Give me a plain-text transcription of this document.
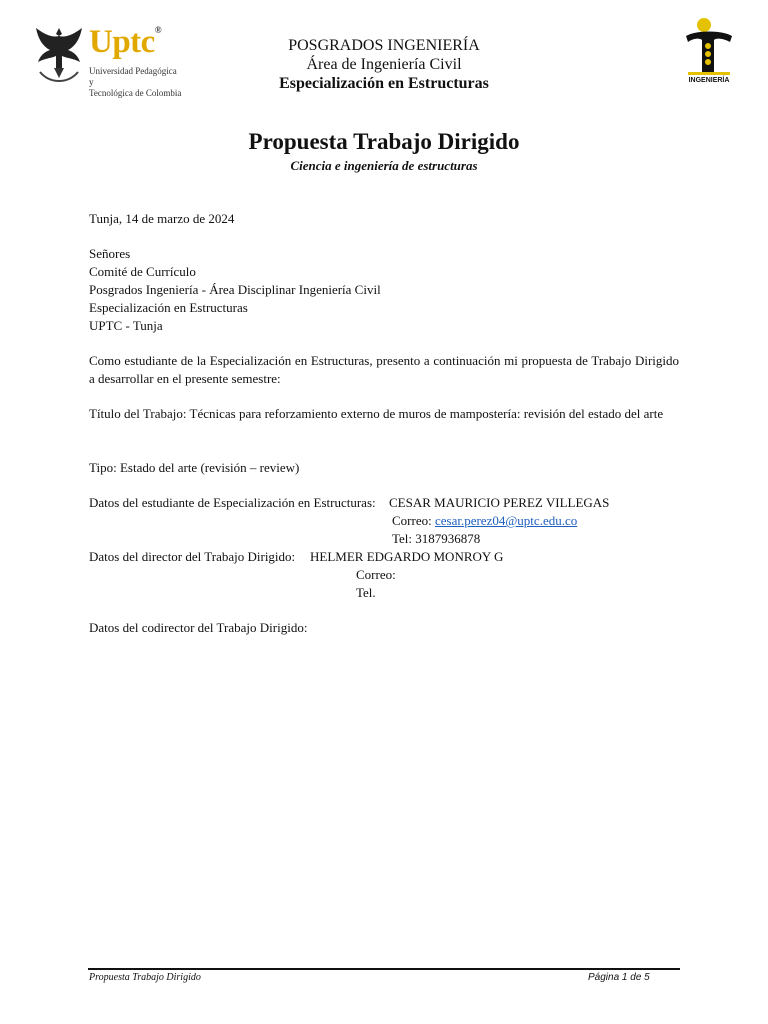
Uptc®
Universidad Pedagógica y
Tecnológica de Colombia
POSGRADOS INGENIERÍA
Área de Ingeniería Civil
Especialización en Estructuras	INGENIERÍA
Propuesta Trabajo Dirigido
Ciencia e ingeniería de estructuras
Tunja, 14 de marzo de 2024
Señores
Comité de Currículo
Posgrados Ingeniería - Área Disciplinar Ingeniería Civil
Especialización en Estructuras
UPTC - Tunja
Como estudiante de la Especialización en Estructuras, presento a continuación mi propuesta de Trabajo Dirigido a desarrollar en el presente semestre:
Título del Trabajo: Técnicas para reforzamiento externo de muros de mampostería: revisión del estado del arte
Tipo: Estado del arte (revisión – review)
Datos del estudiante de Especialización en Estructuras: CESAR MAURICIO PEREZ VILLEGAS
Correo: cesar.perez04@uptc.edu.co
Tel: 3187936878
Datos del director del Trabajo Dirigido: HELMER EDGARDO MONROY G
Correo:
Tel.
Datos del codirector del Trabajo Dirigido:
Propuesta Trabajo Dirigido	Página 1 de 5
